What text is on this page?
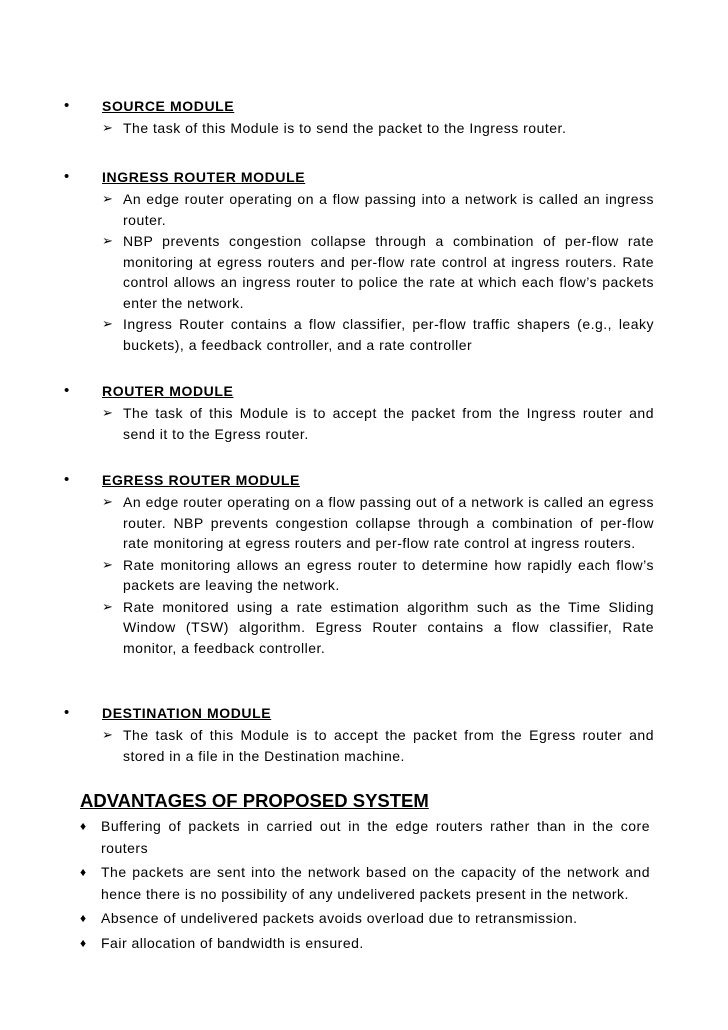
• SOURCE MODULE
➢ The task of this Module is to send the packet to the Ingress router.
• INGRESS ROUTER MODULE
➢ An edge router operating on a flow passing into a network is called an ingress router.
➢ NBP prevents congestion collapse through a combination of per-flow rate monitoring at egress routers and per-flow rate control at ingress routers. Rate control allows an ingress router to police the rate at which each flow’s packets enter the network.
➢ Ingress Router contains a flow classifier, per-flow traffic shapers (e.g., leaky buckets), a feedback controller, and a rate controller
• ROUTER MODULE
➢ The task of this Module is to accept the packet from the Ingress router and send it to the Egress router.
• EGRESS ROUTER MODULE
➢ An edge router operating on a flow passing out of a network is called an egress router. NBP prevents congestion collapse through a combination of per-flow rate monitoring at egress routers and per-flow rate control at ingress routers.
➢ Rate monitoring allows an egress router to determine how rapidly each flow’s packets are leaving the network.
➢ Rate monitored using a rate estimation algorithm such as the Time Sliding Window (TSW) algorithm. Egress Router contains a flow classifier, Rate monitor, a feedback controller.
• DESTINATION MODULE
➢ The task of this Module is to accept the packet from the Egress router and stored in a file in the Destination machine.
ADVANTAGES OF PROPOSED SYSTEM
♦ Buffering of packets in carried out in the edge routers rather than in the core routers
♦ The packets are sent into the network based on the capacity of the network and hence there is no possibility of any undelivered packets present in the network.
♦ Absence of undelivered packets avoids overload due to retransmission.
♦ Fair allocation of bandwidth is ensured.
